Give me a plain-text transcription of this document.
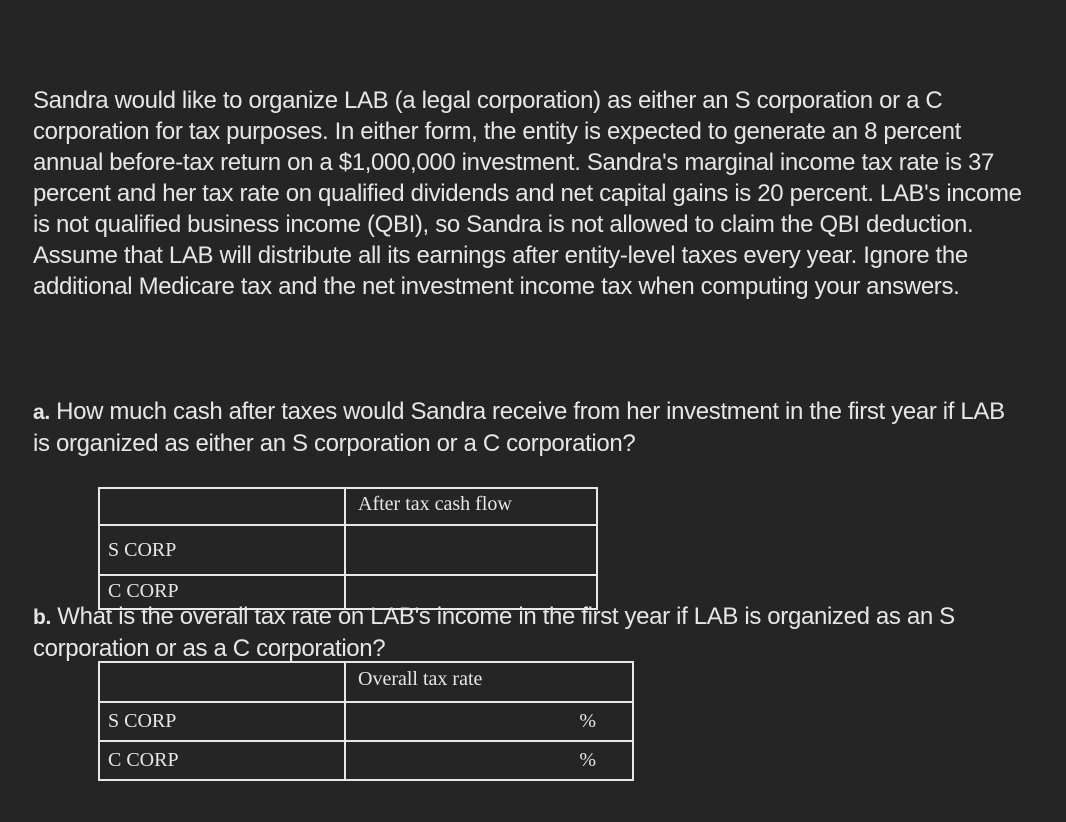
Sandra would like to organize LAB (a legal corporation) as either an S corporation or a C corporation for tax purposes. In either form, the entity is expected to generate an 8 percent annual before-tax return on a $1,000,000 investment. Sandra's marginal income tax rate is 37 percent and her tax rate on qualified dividends and net capital gains is 20 percent. LAB's income is not qualified business income (QBI), so Sandra is not allowed to claim the QBI deduction. Assume that LAB will distribute all its earnings after entity-level taxes every year. Ignore the additional Medicare tax and the net investment income tax when computing your answers.

a. How much cash after taxes would Sandra receive from her investment in the first year if LAB is organized as either an S corporation or a C corporation?

	After tax cash flow
S CORP	
C CORP	

b. What is the overall tax rate on LAB's income in the first year if LAB is organized as an S corporation or as a C corporation?

	Overall tax rate
S CORP	%
C CORP	%
